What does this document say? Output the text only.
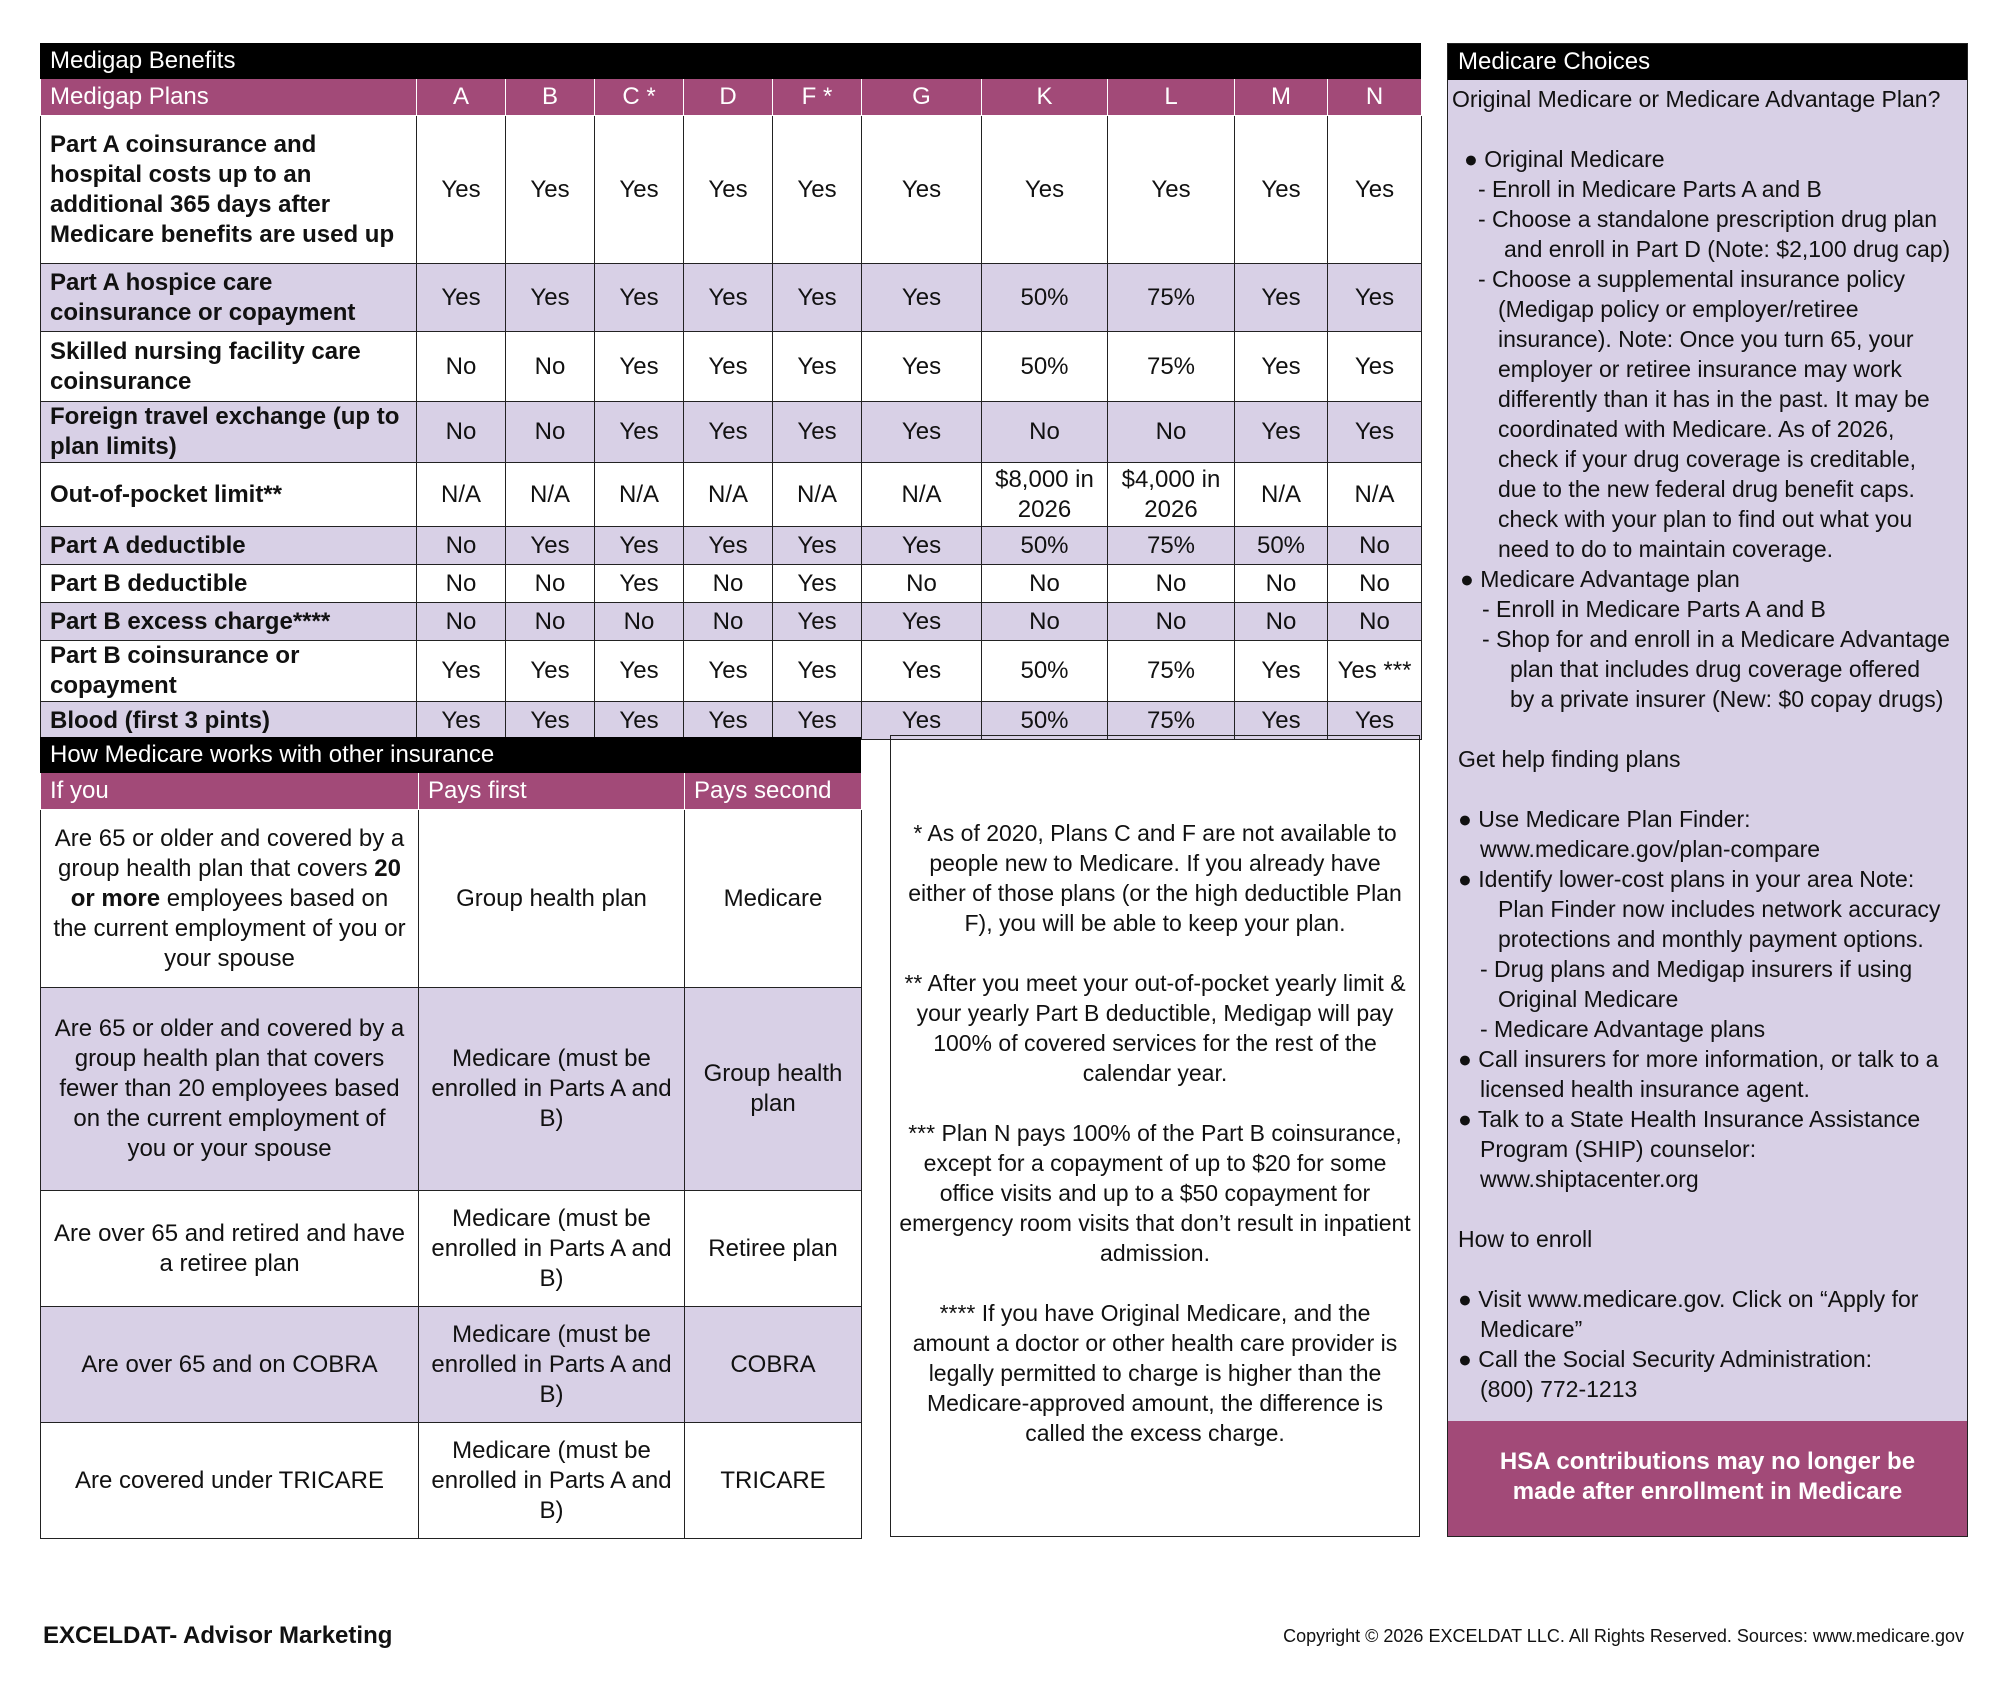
Medigap Benefits
Medigap Plans	A	B	C *	D	F *	G	K	L	M	N
Part A coinsurance and hospital costs up to an additional 365 days after Medicare benefits are used up	Yes	Yes	Yes	Yes	Yes	Yes	Yes	Yes	Yes	Yes
Part A hospice care coinsurance or copayment	Yes	Yes	Yes	Yes	Yes	Yes	50%	75%	Yes	Yes
Skilled nursing facility care coinsurance	No	No	Yes	Yes	Yes	Yes	50%	75%	Yes	Yes
Foreign travel exchange (up to plan limits)	No	No	Yes	Yes	Yes	Yes	No	No	Yes	Yes
Out-of-pocket limit**	N/A	N/A	N/A	N/A	N/A	N/A	$8,000 in 2026	$4,000 in 2026	N/A	N/A
Part A deductible	No	Yes	Yes	Yes	Yes	Yes	50%	75%	50%	No
Part B deductible	No	No	Yes	No	Yes	No	No	No	No	No
Part B excess charge****	No	No	No	No	Yes	Yes	No	No	No	No
Part B coinsurance or copayment	Yes	Yes	Yes	Yes	Yes	Yes	50%	75%	Yes	Yes ***
Blood (first 3 pints)	Yes	Yes	Yes	Yes	Yes	Yes	50%	75%	Yes	Yes
How Medicare works with other insurance
If you	Pays first	Pays second
Are 65 or older and covered by a group health plan that covers 20 or more employees based on the current employment of you or your spouse	Group health plan	Medicare
Are 65 or older and covered by a group health plan that covers fewer than 20 employees based on the current employment of you or your spouse	Medicare (must be enrolled in Parts A and B)	Group health plan
Are over 65 and retired and have a retiree plan	Medicare (must be enrolled in Parts A and B)	Retiree plan
Are over 65 and on COBRA	Medicare (must be enrolled in Parts A and B)	COBRA
Are covered under TRICARE	Medicare (must be enrolled in Parts A and B)	TRICARE

* As of 2020, Plans C and F are not available to people new to Medicare. If you already have either of those plans (or the high deductible Plan F), you will be able to keep your plan.

** After you meet your out-of-pocket yearly limit & your yearly Part B deductible, Medigap will pay 100% of covered services for the rest of the calendar year.

*** Plan N pays 100% of the Part B coinsurance, except for a copayment of up to $20 for some office visits and up to a $50 copayment for emergency room visits that don’t result in inpatient admission.

**** If you have Original Medicare, and the amount a doctor or other health care provider is legally permitted to charge is higher than the Medicare-approved amount, the difference is called the excess charge.

Medicare Choices
Original Medicare or Medicare Advantage Plan?
● Original Medicare
- Enroll in Medicare Parts A and B
- Choose a standalone prescription drug plan
and enroll in Part D (Note: $2,100 drug cap)
- Choose a supplemental insurance policy
(Medigap policy or employer/retiree
insurance). Note: Once you turn 65, your
employer or retiree insurance may work
differently than it has in the past. It may be
coordinated with Medicare. As of 2026,
check if your drug coverage is creditable,
due to the new federal drug benefit caps.
check with your plan to find out what you
need to do to maintain coverage.
● Medicare Advantage plan
- Enroll in Medicare Parts A and B
- Shop for and enroll in a Medicare Advantage
plan that includes drug coverage offered
by a private insurer (New: $0 copay drugs)
Get help finding plans
● Use Medicare Plan Finder:
www.medicare.gov/plan-compare
● Identify lower-cost plans in your area Note:
Plan Finder now includes network accuracy
protections and monthly payment options.
- Drug plans and Medigap insurers if using
Original Medicare
- Medicare Advantage plans
● Call insurers for more information, or talk to a
licensed health insurance agent.
● Talk to a State Health Insurance Assistance
Program (SHIP) counselor:
www.shiptacenter.org
How to enroll
● Visit www.medicare.gov. Click on “Apply for
Medicare”
● Call the Social Security Administration:
(800) 772-1213
HSA contributions may no longer be
made after enrollment in Medicare
EXCELDAT- Advisor Marketing	Copyright © 2026 EXCELDAT LLC. All Rights Reserved. Sources: www.medicare.gov
